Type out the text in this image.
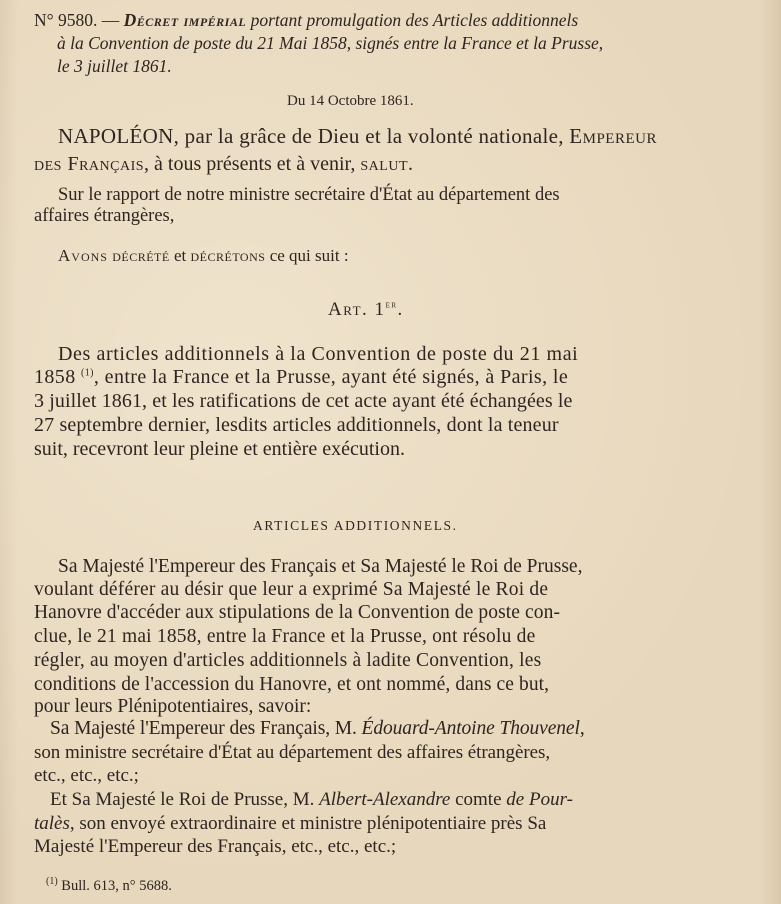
N° 9580. — Décret impérial portant promulgation des Articles additionnels
à la Convention de poste du 21 Mai 1858, signés entre la France et la Prusse,
le 3 juillet 1861.
Du 14 Octobre 1861.
NAPOLÉON, par la grâce de Dieu et la volonté nationale, Empereur
des Français, à tous présents et à venir, salut.
Sur le rapport de notre ministre secrétaire d'État au département des
affaires étrangères,
Avons décrété et décrétons ce qui suit :
Art. 1er.
Des articles additionnels à la Convention de poste du 21 mai
1858 $^{(1)}$, entre la France et la Prusse, ayant été signés, à Paris, le
3 juillet 1861, et les ratifications de cet acte ayant été échangées le
27 septembre dernier, lesdits articles additionnels, dont la teneur
suit, recevront leur pleine et entière exécution.
ARTICLES ADDITIONNELS.
Sa Majesté l'Empereur des Français et Sa Majesté le Roi de Prusse,
voulant déférer au désir que leur a exprimé Sa Majesté le Roi de
Hanovre d'accéder aux stipulations de la Convention de poste con-
clue, le 21 mai 1858, entre la France et la Prusse, ont résolu de
régler, au moyen d'articles additionnels à ladite Convention, les
conditions de l'accession du Hanovre, et ont nommé, dans ce but,
pour leurs Plénipotentiaires, savoir:
Sa Majesté l'Empereur des Français, M. Édouard-Antoine Thouvenel,
son ministre secrétaire d'État au département des affaires étrangères,
etc., etc., etc.;
Et Sa Majesté le Roi de Prusse, M. Albert-Alexandre comte de Pour-
talès, son envoyé extraordinaire et ministre plénipotentiaire près Sa
Majesté l'Empereur des Français, etc., etc., etc.;
$^{(1)}$ Bull. 613, n° 5688.
